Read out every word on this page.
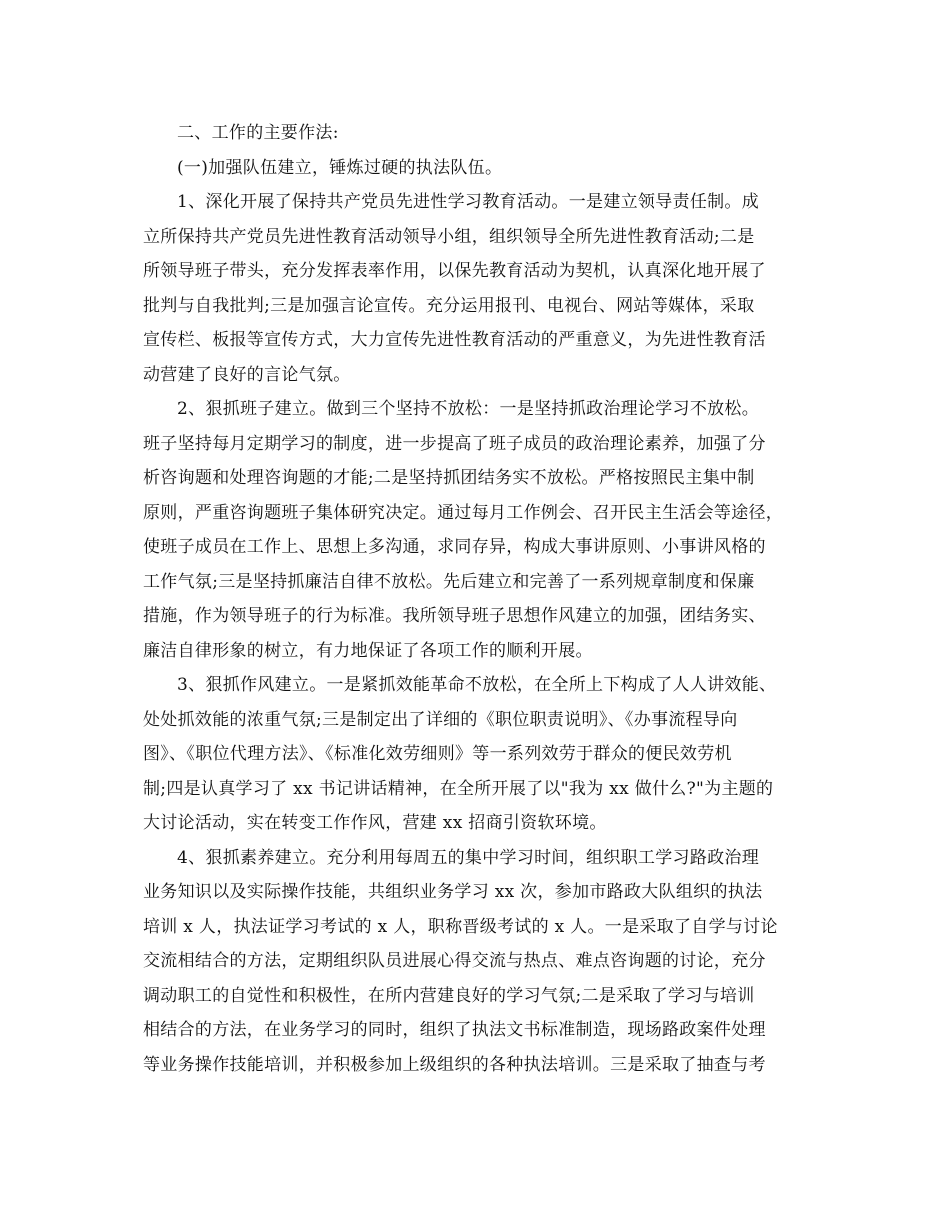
二、工作的主要作法:
(一)加强队伍建立，锤炼过硬的执法队伍。
1、深化开展了保持共产党员先进性学习教育活动。一是建立领导责任制。成
立所保持共产党员先进性教育活动领导小组，组织领导全所先进性教育活动;二是
所领导班子带头，充分发挥表率作用，以保先教育活动为契机，认真深化地开展了
批判与自我批判;三是加强言论宣传。充分运用报刊、电视台、网站等媒体，采取
宣传栏、板报等宣传方式，大力宣传先进性教育活动的严重意义，为先进性教育活
动营建了良好的言论气氛。
2、狠抓班子建立。做到三个坚持不放松：一是坚持抓政治理论学习不放松。
班子坚持每月定期学习的制度，进一步提高了班子成员的政治理论素养，加强了分
析咨询题和处理咨询题的才能;二是坚持抓团结务实不放松。严格按照民主集中制
原则，严重咨询题班子集体研究决定。通过每月工作例会、召开民主生活会等途径，
使班子成员在工作上、思想上多沟通，求同存异，构成大事讲原则、小事讲风格的
工作气氛;三是坚持抓廉洁自律不放松。先后建立和完善了一系列规章制度和保廉
措施，作为领导班子的行为标准。我所领导班子思想作风建立的加强，团结务实、
廉洁自律形象的树立，有力地保证了各项工作的顺利开展。
3、狠抓作风建立。一是紧抓效能革命不放松，在全所上下构成了人人讲效能、
处处抓效能的浓重气氛;三是制定出了详细的《职位职责说明》、《办事流程导向
图》、《职位代理方法》、《标准化效劳细则》等一系列效劳于群众的便民效劳机
制;四是认真学习了 xx 书记讲话精神，在全所开展了以"我为 xx 做什么?"为主题的
大讨论活动，实在转变工作作风，营建 xx 招商引资软环境。
4、狠抓素养建立。充分利用每周五的集中学习时间，组织职工学习路政治理
业务知识以及实际操作技能，共组织业务学习 xx 次，参加市路政大队组织的执法
培训 x 人，执法证学习考试的 x 人，职称晋级考试的 x 人。一是采取了自学与讨论
交流相结合的方法，定期组织队员进展心得交流与热点、难点咨询题的讨论，充分
调动职工的自觉性和积极性，在所内营建良好的学习气氛;二是采取了学习与培训
相结合的方法，在业务学习的同时，组织了执法文书标准制造，现场路政案件处理
等业务操作技能培训，并积极参加上级组织的各种执法培训。三是采取了抽查与考
